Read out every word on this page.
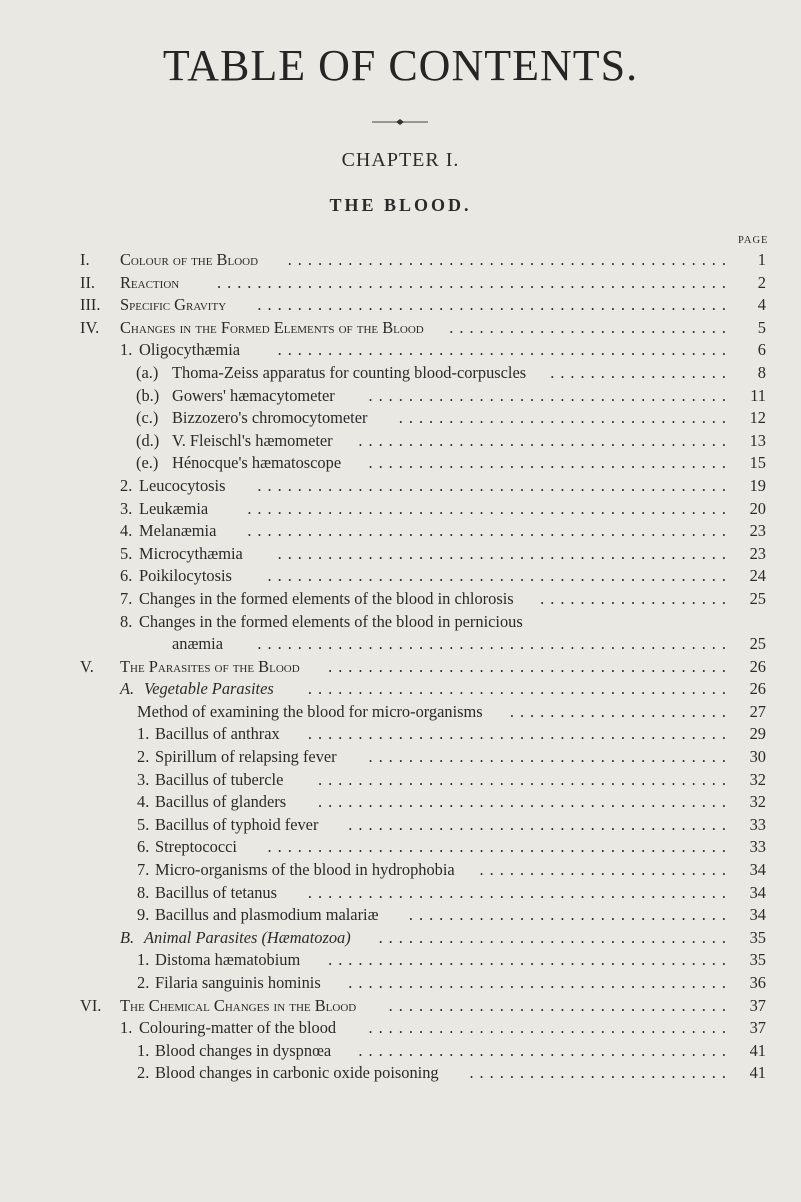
TABLE OF CONTENTS.
CHAPTER I.
THE BLOOD.
PAGE
I.	Colour of the Blood	............................................	1
II.	Reaction	...................................................	2
III.	Specific Gravity	...............................................	4
IV.	Changes in the Formed Elements of the Blood	............................	5
1. Oligocythæmia	.............................................	6
(a.) Thoma-Zeiss apparatus for counting blood-corpuscles	..................	8
(b.) Gowers' hæmacytometer	....................................	11
(c.) Bizzozero's chromocytometer	.................................	12
(d.) V. Fleischl's hæmometer	.....................................	13
(e.) Hénocque's hæmatoscope	....................................	15
2. Leucocytosis	...............................................	19
3. Leukæmia	................................................	20
4. Melanæmia	................................................	23
5. Microcythæmia	.............................................	23
6. Poikilocytosis	..............................................	24
7. Changes in the formed elements of the blood in chlorosis	...................	25
8. Changes in the formed elements of the blood in pernicious
anæmia	...............................................	25
V.	The Parasites of the Blood	........................................	26
A. Vegetable Parasites	..........................................	26
Method of examining the blood for micro-organisms	......................	27
1. Bacillus of anthrax	..........................................	29
2. Spirillum of relapsing fever	....................................	30
3. Bacillus of tubercle	.........................................	32
4. Bacillus of glanders	.........................................	32
5. Bacillus of typhoid fever	......................................	33
6. Streptococci	..............................................	33
7. Micro-organisms of the blood in hydrophobia	.........................	34
8. Bacillus of tetanus	..........................................	34
9. Bacillus and plasmodium malariæ	................................	34
B. Animal Parasites (Hæmatozoa)	...................................	35
1. Distoma hæmatobium	........................................	35
2. Filaria sanguinis hominis	......................................	36
VI.	The Chemical Changes in the Blood	..................................	37
1. Colouring-matter of the blood	....................................	37
1. Blood changes in dyspnœa	.....................................	41
2. Blood changes in carbonic oxide poisoning	..........................	41
